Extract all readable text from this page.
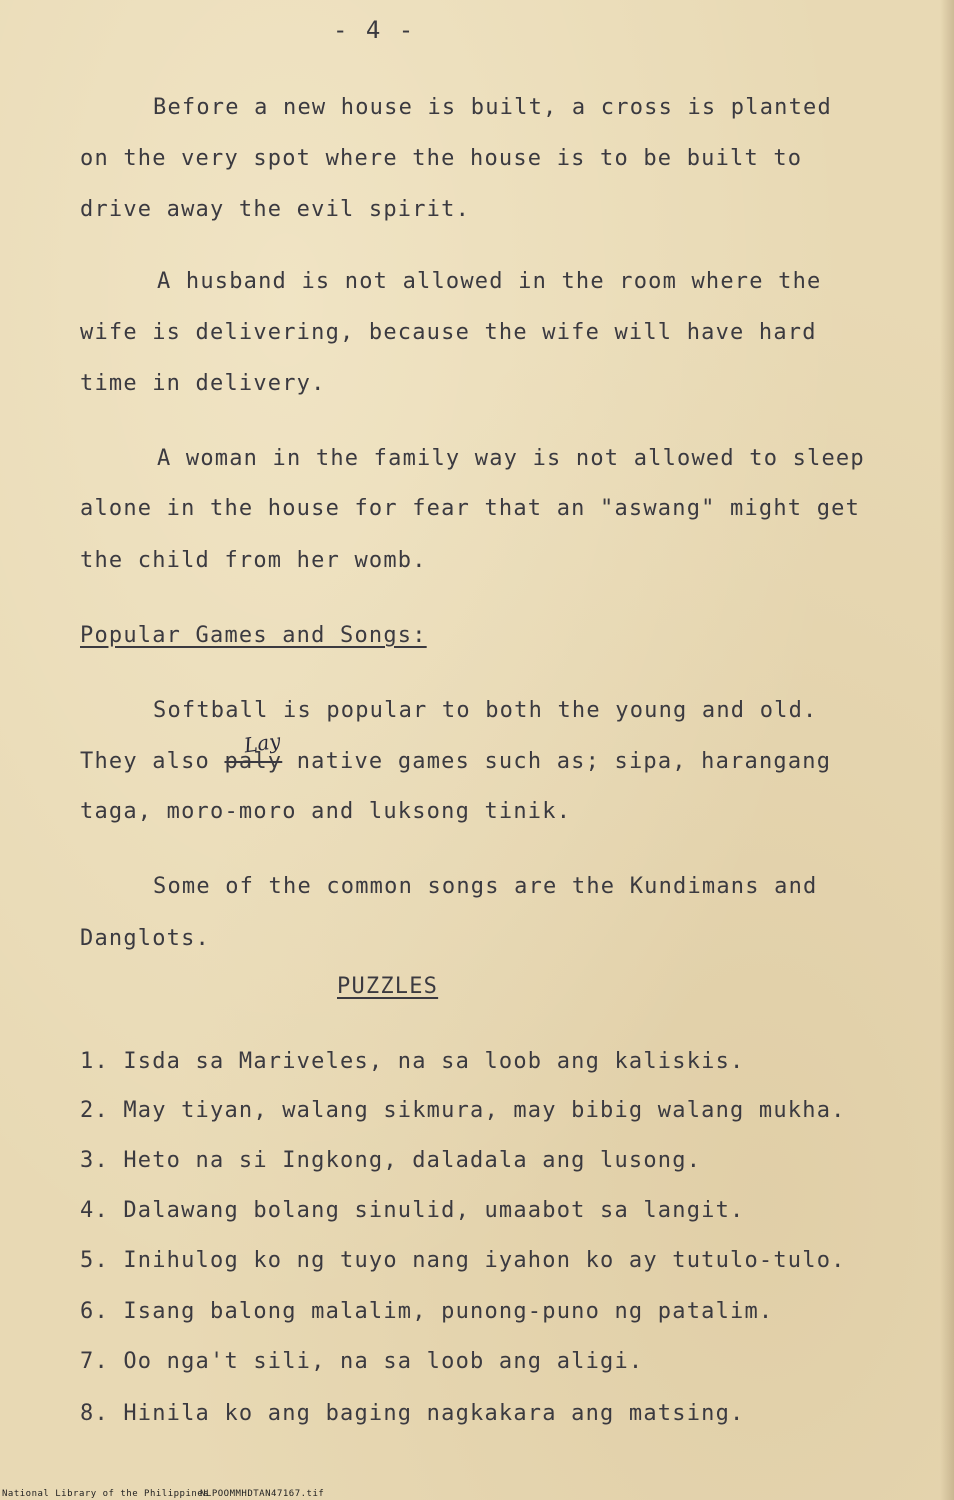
- 4 -
Before a new house is built, a cross is planted
on the very spot where the house is to be built to
drive away the evil spirit.
A husband is not allowed in the room where the
wife is delivering, because the wife will have hard
time in delivery.
A woman in the family way is not allowed to sleep
alone in the house for fear that an "aswang" might get
the child from her womb.
Popular Games and Songs:
Softball is popular to both the young and old.
They also paly native games such as; sipa, harangang
Lay
taga, moro-moro and luksong tinik.
Some of the common songs are the Kundimans and
Danglots.
PUZZLES
1. Isda sa Mariveles, na sa loob ang kaliskis.
2. May tiyan, walang sikmura, may bibig walang mukha.
3. Heto na si Ingkong, daladala ang lusong.
4. Dalawang bolang sinulid, umaabot sa langit.
5. Inihulog ko ng tuyo nang iyahon ko ay tutulo-tulo.
6. Isang balong malalim, punong-puno ng patalim.
7. Oo nga't sili, na sa loob ang aligi.
8. Hinila ko ang baging nagkakara ang matsing.
National Library of the Philippines
NLPOOMMHDTAN47167.tif
